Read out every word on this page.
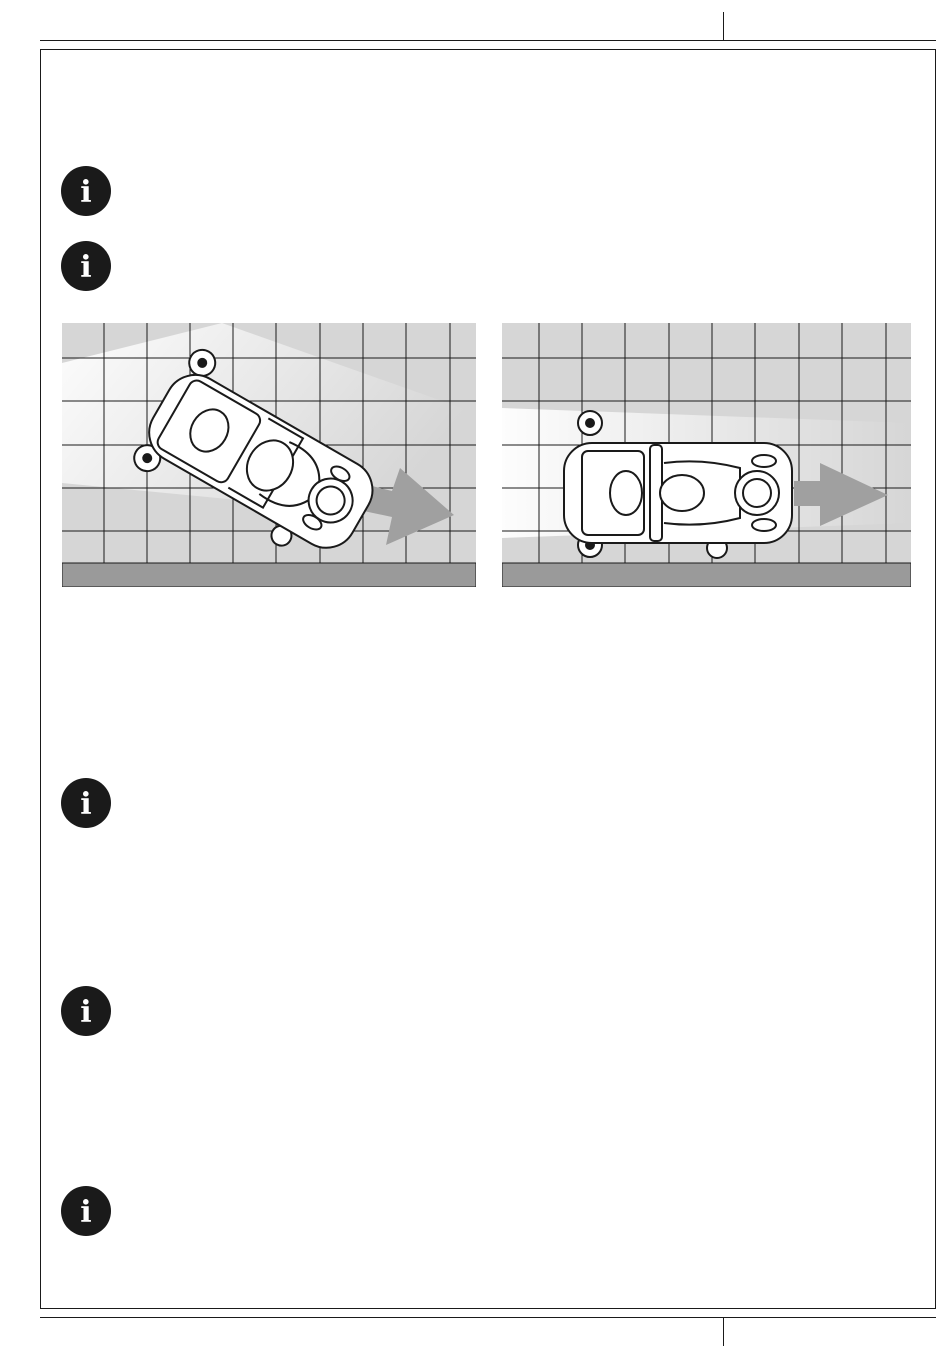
i
i
i
i
i
